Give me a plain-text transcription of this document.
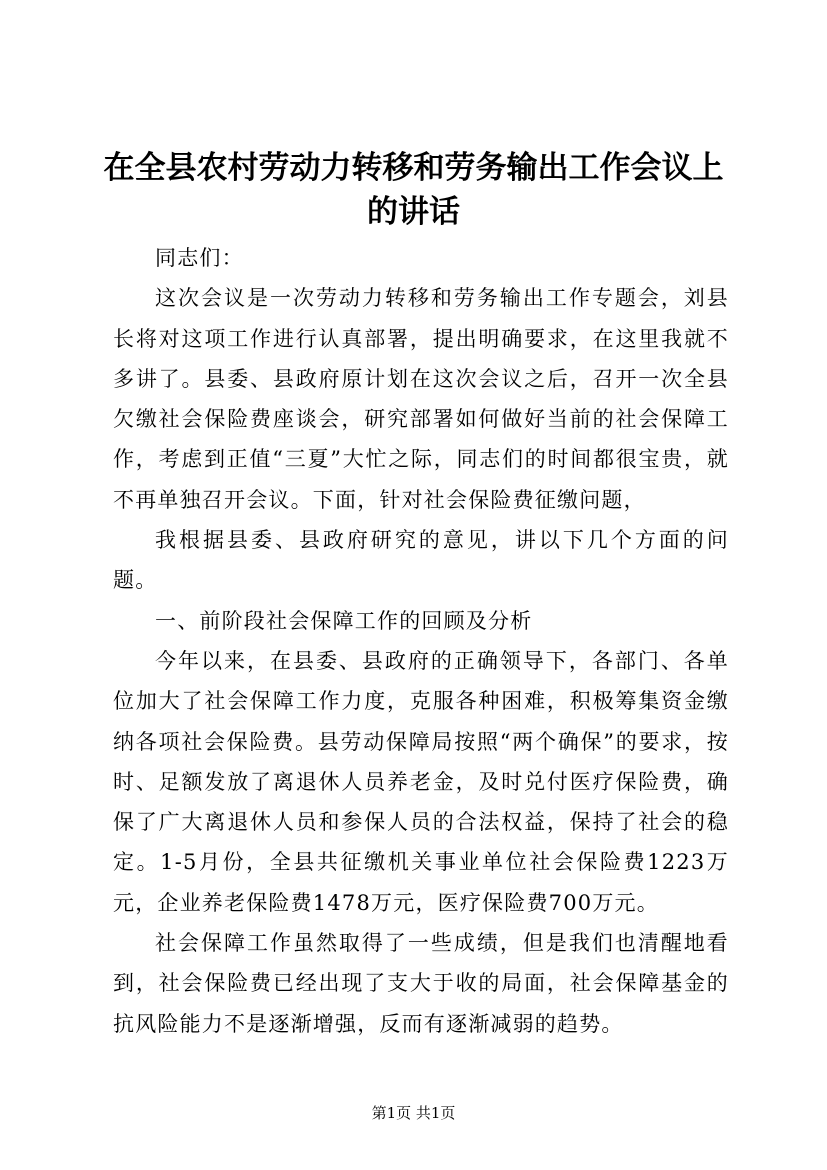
在全县农村劳动力转移和劳务输出工作会议上的讲话

同志们：

这次会议是一次劳动力转移和劳务输出工作专题会，刘县长将对这项工作进行认真部署，提出明确要求，在这里我就不多讲了。县委、县政府原计划在这次会议之后，召开一次全县欠缴社会保险费座谈会，研究部署如何做好当前的社会保障工作，考虑到正值“三夏”大忙之际，同志们的时间都很宝贵，就不再单独召开会议。下面，针对社会保险费征缴问题，

我根据县委、县政府研究的意见，讲以下几个方面的问题。

一、前阶段社会保障工作的回顾及分析

今年以来，在县委、县政府的正确领导下，各部门、各单位加大了社会保障工作力度，克服各种困难，积极筹集资金缴纳各项社会保险费。县劳动保障局按照“两个确保”的要求，按时、足额发放了离退休人员养老金，及时兑付医疗保险费，确保了广大离退休人员和参保人员的合法权益，保持了社会的稳定。1-5月份，全县共征缴机关事业单位社会保险费1223万元，企业养老保险费1478万元，医疗保险费700万元。

社会保障工作虽然取得了一些成绩，但是我们也清醒地看到，社会保险费已经出现了支大于收的局面，社会保障基金的抗风险能力不是逐渐增强，反而有逐渐减弱的趋势。

第1页 共1页
